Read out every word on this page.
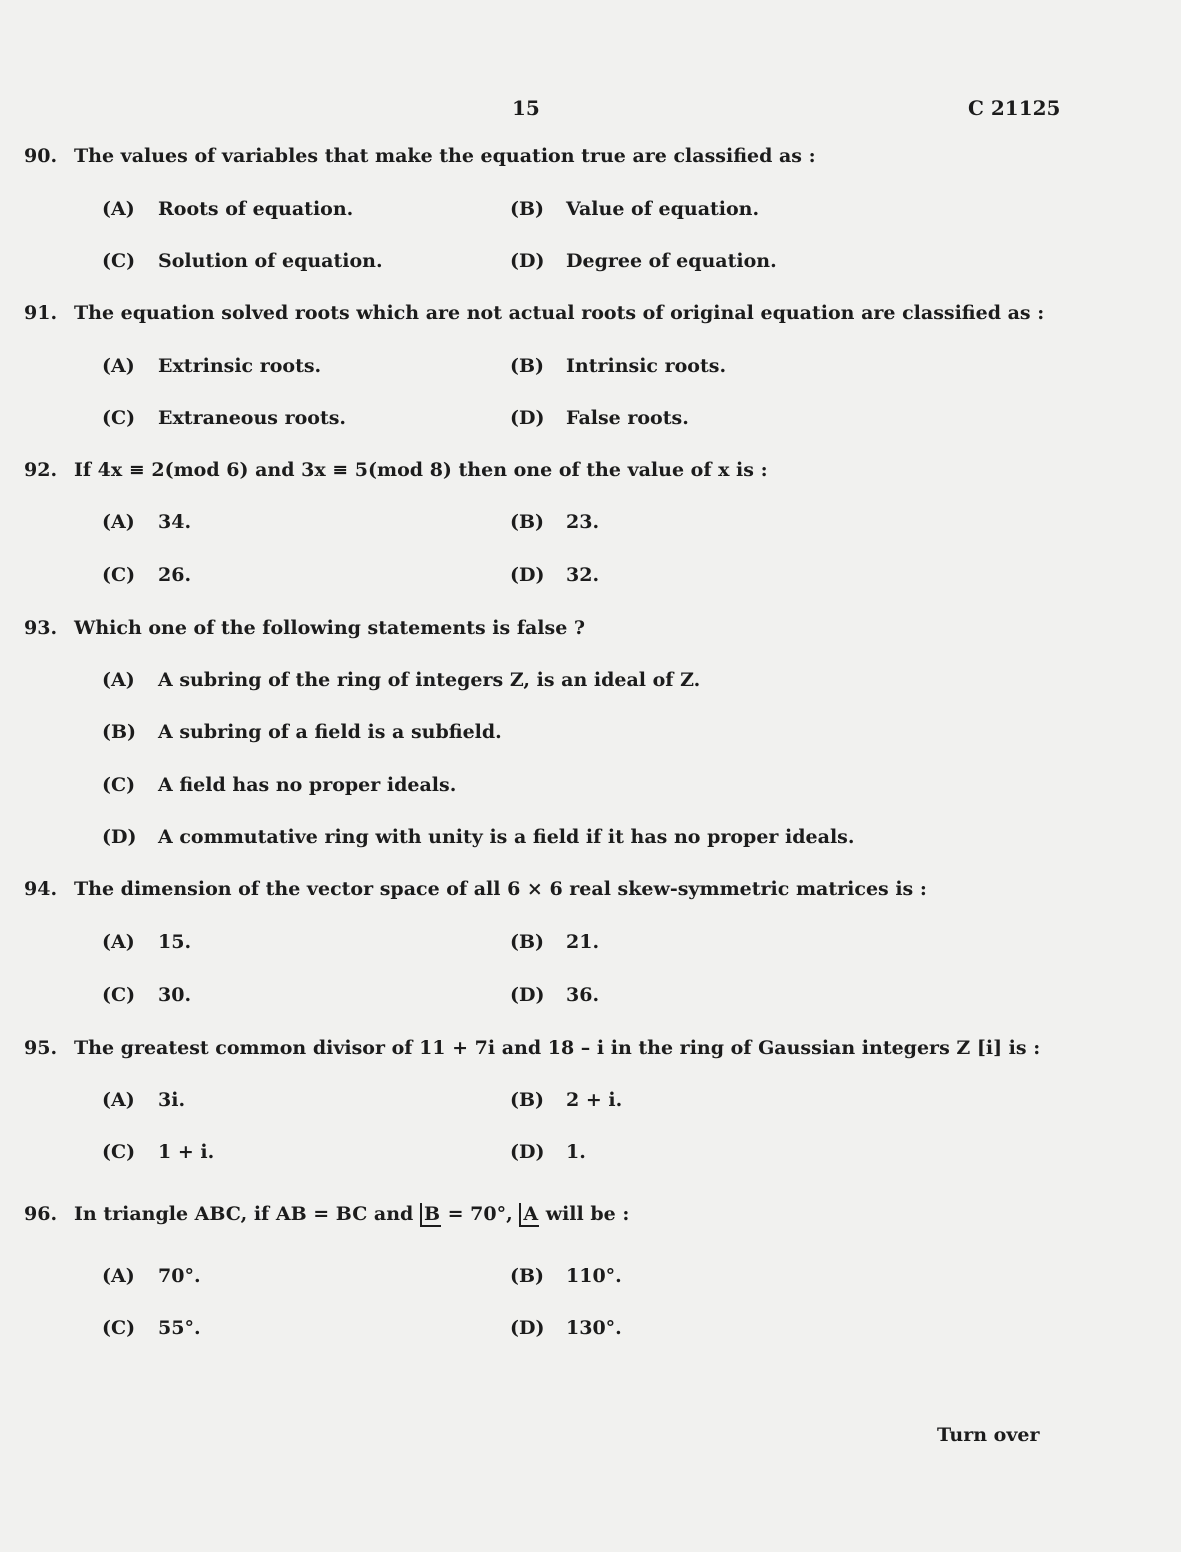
15	C 21125
90. The values of variables that make the equation true are classified as :
(A) Roots of equation.	(B) Value of equation.
(C) Solution of equation.	(D) Degree of equation.
91. The equation solved roots which are not actual roots of original equation are classified as :
(A) Extrinsic roots.	(B) Intrinsic roots.
(C) Extraneous roots.	(D) False roots.
92. If 4x ≡ 2(mod 6) and 3x ≡ 5(mod 8) then one of the value of x is :
(A) 34.	(B) 23.
(C) 26.	(D) 32.
93. Which one of the following statements is false ?
(A) A subring of the ring of integers Z, is an ideal of Z.
(B) A subring of a field is a subfield.
(C) A field has no proper ideals.
(D) A commutative ring with unity is a field if it has no proper ideals.
94. The dimension of the vector space of all 6 × 6 real skew-symmetric matrices is :
(A) 15.	(B) 21.
(C) 30.	(D) 36.
95. The greatest common divisor of 11 + 7i and 18 – i in the ring of Gaussian integers Z [i] is :
(A) 3i.	(B) 2 + i.
(C) 1 + i.	(D) 1.
96. In triangle ABC, if AB = BC and B = 70°, A will be :
(A) 70°.	(B) 110°.
(C) 55°.	(D) 130°.
Turn over
